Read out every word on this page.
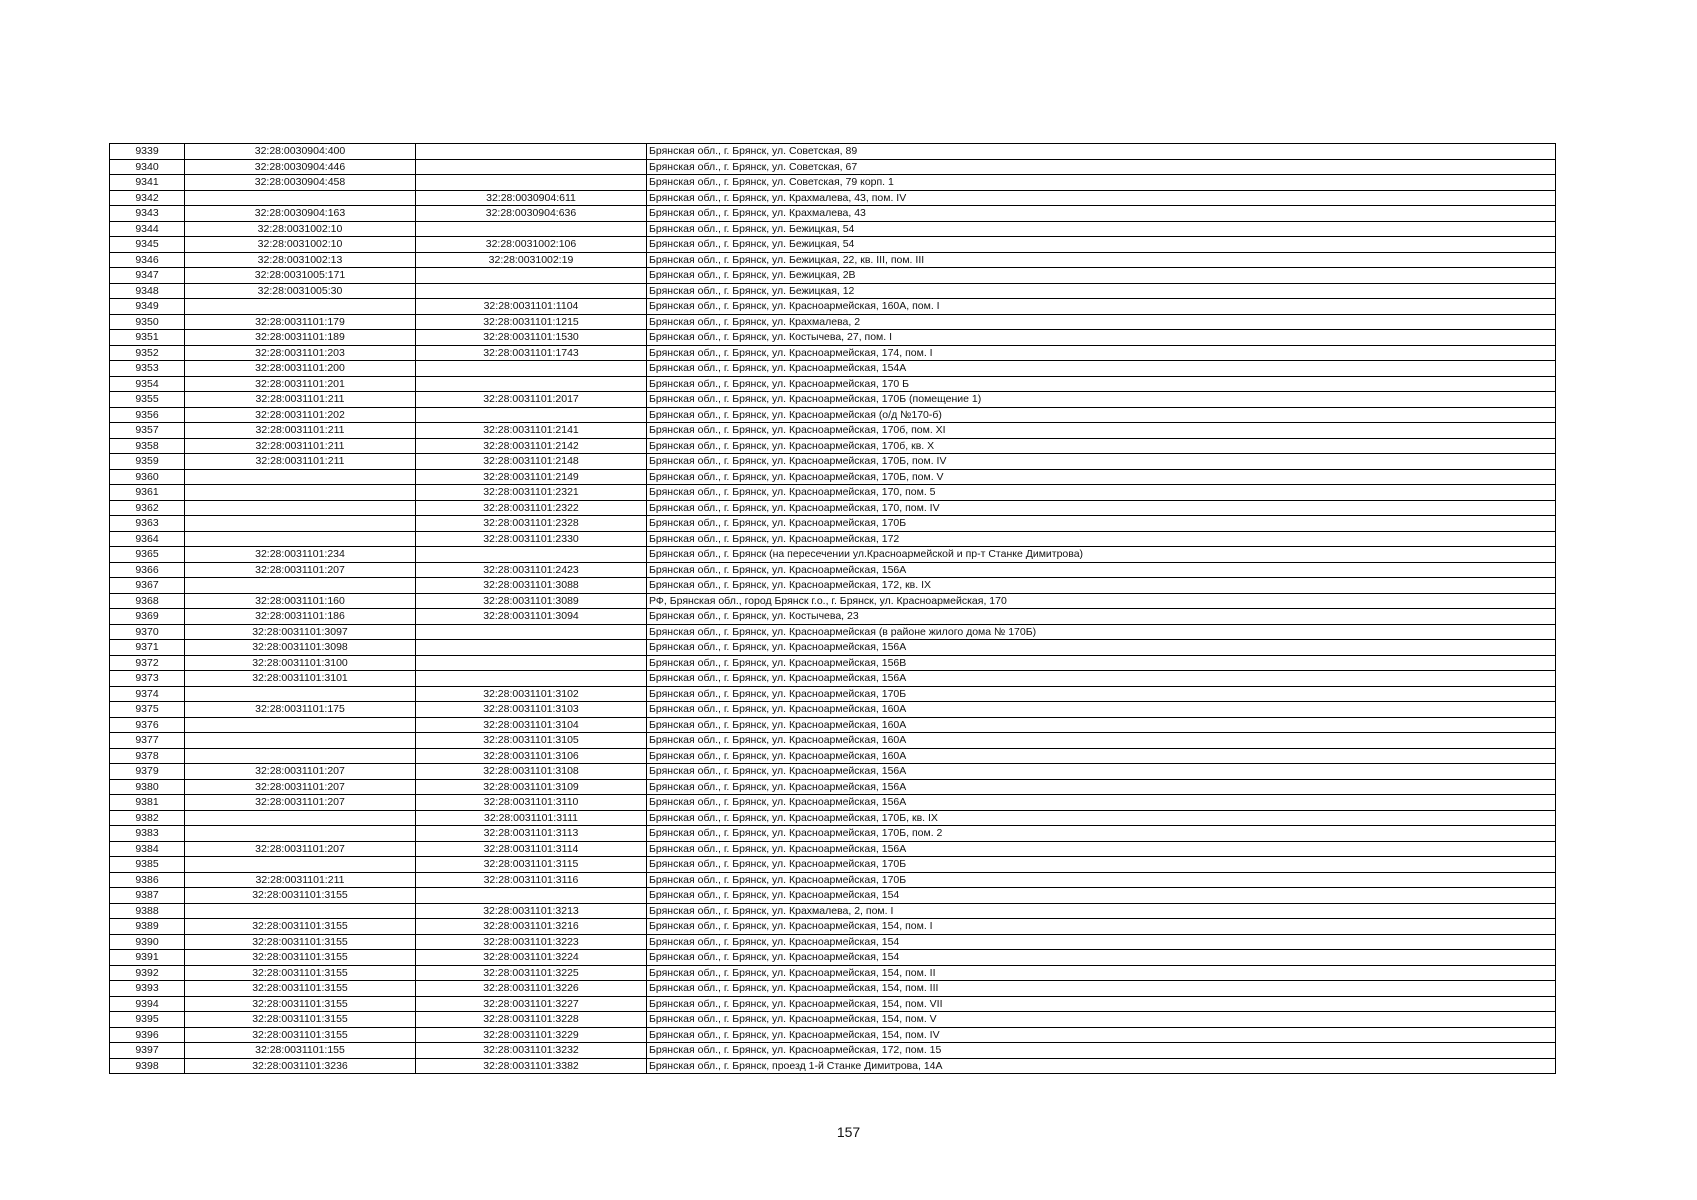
9339	32:28:0030904:400		Брянская обл., г. Брянск, ул. Советская, 89
9340	32:28:0030904:446		Брянская обл., г. Брянск, ул. Советская, 67
9341	32:28:0030904:458		Брянская обл., г. Брянск, ул. Советская, 79 корп. 1
9342		32:28:0030904:611	Брянская обл., г. Брянск, ул. Крахмалева, 43, пом. IV
9343	32:28:0030904:163	32:28:0030904:636	Брянская обл., г. Брянск, ул. Крахмалева, 43
9344	32:28:0031002:10		Брянская обл., г. Брянск, ул. Бежицкая, 54
9345	32:28:0031002:10	32:28:0031002:106	Брянская обл., г. Брянск, ул. Бежицкая, 54
9346	32:28:0031002:13	32:28:0031002:19	Брянская обл., г. Брянск, ул. Бежицкая, 22, кв. III, пом. III
9347	32:28:0031005:171		Брянская обл., г. Брянск, ул. Бежицкая, 2В
9348	32:28:0031005:30		Брянская обл., г. Брянск, ул. Бежицкая, 12
9349		32:28:0031101:1104	Брянская обл., г. Брянск, ул. Красноармейская, 160А, пом. I
9350	32:28:0031101:179	32:28:0031101:1215	Брянская обл., г. Брянск, ул. Крахмалева, 2
9351	32:28:0031101:189	32:28:0031101:1530	Брянская обл., г. Брянск, ул. Костычева, 27, пом. I
9352	32:28:0031101:203	32:28:0031101:1743	Брянская обл., г. Брянск, ул. Красноармейская, 174, пом. I
9353	32:28:0031101:200		Брянская обл., г. Брянск, ул. Красноармейская, 154А
9354	32:28:0031101:201		Брянская обл., г. Брянск, ул. Красноармейская, 170 Б
9355	32:28:0031101:211	32:28:0031101:2017	Брянская обл., г. Брянск, ул. Красноармейская, 170Б (помещение 1)
9356	32:28:0031101:202		Брянская обл., г. Брянск, ул. Красноармейская (о/д №170-б)
9357	32:28:0031101:211	32:28:0031101:2141	Брянская обл., г. Брянск, ул. Красноармейская, 170б, пом. XI
9358	32:28:0031101:211	32:28:0031101:2142	Брянская обл., г. Брянск, ул. Красноармейская, 170б, кв. X
9359	32:28:0031101:211	32:28:0031101:2148	Брянская обл., г. Брянск, ул. Красноармейская, 170Б, пом. IV
9360		32:28:0031101:2149	Брянская обл., г. Брянск, ул. Красноармейская, 170Б, пом. V
9361		32:28:0031101:2321	Брянская обл., г. Брянск, ул. Красноармейская, 170, пом. 5
9362		32:28:0031101:2322	Брянская обл., г. Брянск, ул. Красноармейская, 170, пом. IV
9363		32:28:0031101:2328	Брянская обл., г. Брянск, ул. Красноармейская, 170Б
9364		32:28:0031101:2330	Брянская обл., г. Брянск, ул. Красноармейская, 172
9365	32:28:0031101:234		Брянская обл., г. Брянск (на пересечении ул.Красноармейской и пр-т Станке Димитрова)
9366	32:28:0031101:207	32:28:0031101:2423	Брянская обл., г. Брянск, ул. Красноармейская, 156А
9367		32:28:0031101:3088	Брянская обл., г. Брянск, ул. Красноармейская, 172, кв. IX
9368	32:28:0031101:160	32:28:0031101:3089	РФ, Брянская обл., город Брянск г.о., г. Брянск, ул. Красноармейская, 170
9369	32:28:0031101:186	32:28:0031101:3094	Брянская обл., г. Брянск, ул. Костычева, 23
9370	32:28:0031101:3097		Брянская обл., г. Брянск, ул. Красноармейская (в районе жилого дома № 170Б)
9371	32:28:0031101:3098		Брянская обл., г. Брянск, ул. Красноармейская, 156А
9372	32:28:0031101:3100		Брянская обл., г. Брянск, ул. Красноармейская, 156В
9373	32:28:0031101:3101		Брянская обл., г. Брянск, ул. Красноармейская, 156А
9374		32:28:0031101:3102	Брянская обл., г. Брянск, ул. Красноармейская, 170Б
9375	32:28:0031101:175	32:28:0031101:3103	Брянская обл., г. Брянск, ул. Красноармейская, 160А
9376		32:28:0031101:3104	Брянская обл., г. Брянск, ул. Красноармейская, 160А
9377		32:28:0031101:3105	Брянская обл., г. Брянск, ул. Красноармейская, 160А
9378		32:28:0031101:3106	Брянская обл., г. Брянск, ул. Красноармейская, 160А
9379	32:28:0031101:207	32:28:0031101:3108	Брянская обл., г. Брянск, ул. Красноармейская, 156А
9380	32:28:0031101:207	32:28:0031101:3109	Брянская обл., г. Брянск, ул. Красноармейская, 156А
9381	32:28:0031101:207	32:28:0031101:3110	Брянская обл., г. Брянск, ул. Красноармейская, 156А
9382		32:28:0031101:3111	Брянская обл., г. Брянск, ул. Красноармейская, 170Б, кв. IX
9383		32:28:0031101:3113	Брянская обл., г. Брянск, ул. Красноармейская, 170Б, пом. 2
9384	32:28:0031101:207	32:28:0031101:3114	Брянская обл., г. Брянск, ул. Красноармейская, 156А
9385		32:28:0031101:3115	Брянская обл., г. Брянск, ул. Красноармейская, 170Б
9386	32:28:0031101:211	32:28:0031101:3116	Брянская обл., г. Брянск, ул. Красноармейская, 170Б
9387	32:28:0031101:3155		Брянская обл., г. Брянск, ул. Красноармейская, 154
9388		32:28:0031101:3213	Брянская обл., г. Брянск, ул. Крахмалева, 2, пом. I
9389	32:28:0031101:3155	32:28:0031101:3216	Брянская обл., г. Брянск, ул. Красноармейская, 154, пом. I
9390	32:28:0031101:3155	32:28:0031101:3223	Брянская обл., г. Брянск, ул. Красноармейская, 154
9391	32:28:0031101:3155	32:28:0031101:3224	Брянская обл., г. Брянск, ул. Красноармейская, 154
9392	32:28:0031101:3155	32:28:0031101:3225	Брянская обл., г. Брянск, ул. Красноармейская, 154, пом. II
9393	32:28:0031101:3155	32:28:0031101:3226	Брянская обл., г. Брянск, ул. Красноармейская, 154, пом. III
9394	32:28:0031101:3155	32:28:0031101:3227	Брянская обл., г. Брянск, ул. Красноармейская, 154, пом. VII
9395	32:28:0031101:3155	32:28:0031101:3228	Брянская обл., г. Брянск, ул. Красноармейская, 154, пом. V
9396	32:28:0031101:3155	32:28:0031101:3229	Брянская обл., г. Брянск, ул. Красноармейская, 154, пом. IV
9397	32:28:0031101:155	32:28:0031101:3232	Брянская обл., г. Брянск, ул. Красноармейская, 172, пом. 15
9398	32:28:0031101:3236	32:28:0031101:3382	Брянская обл., г. Брянск, проезд 1-й Станке Димитрова, 14А
157
